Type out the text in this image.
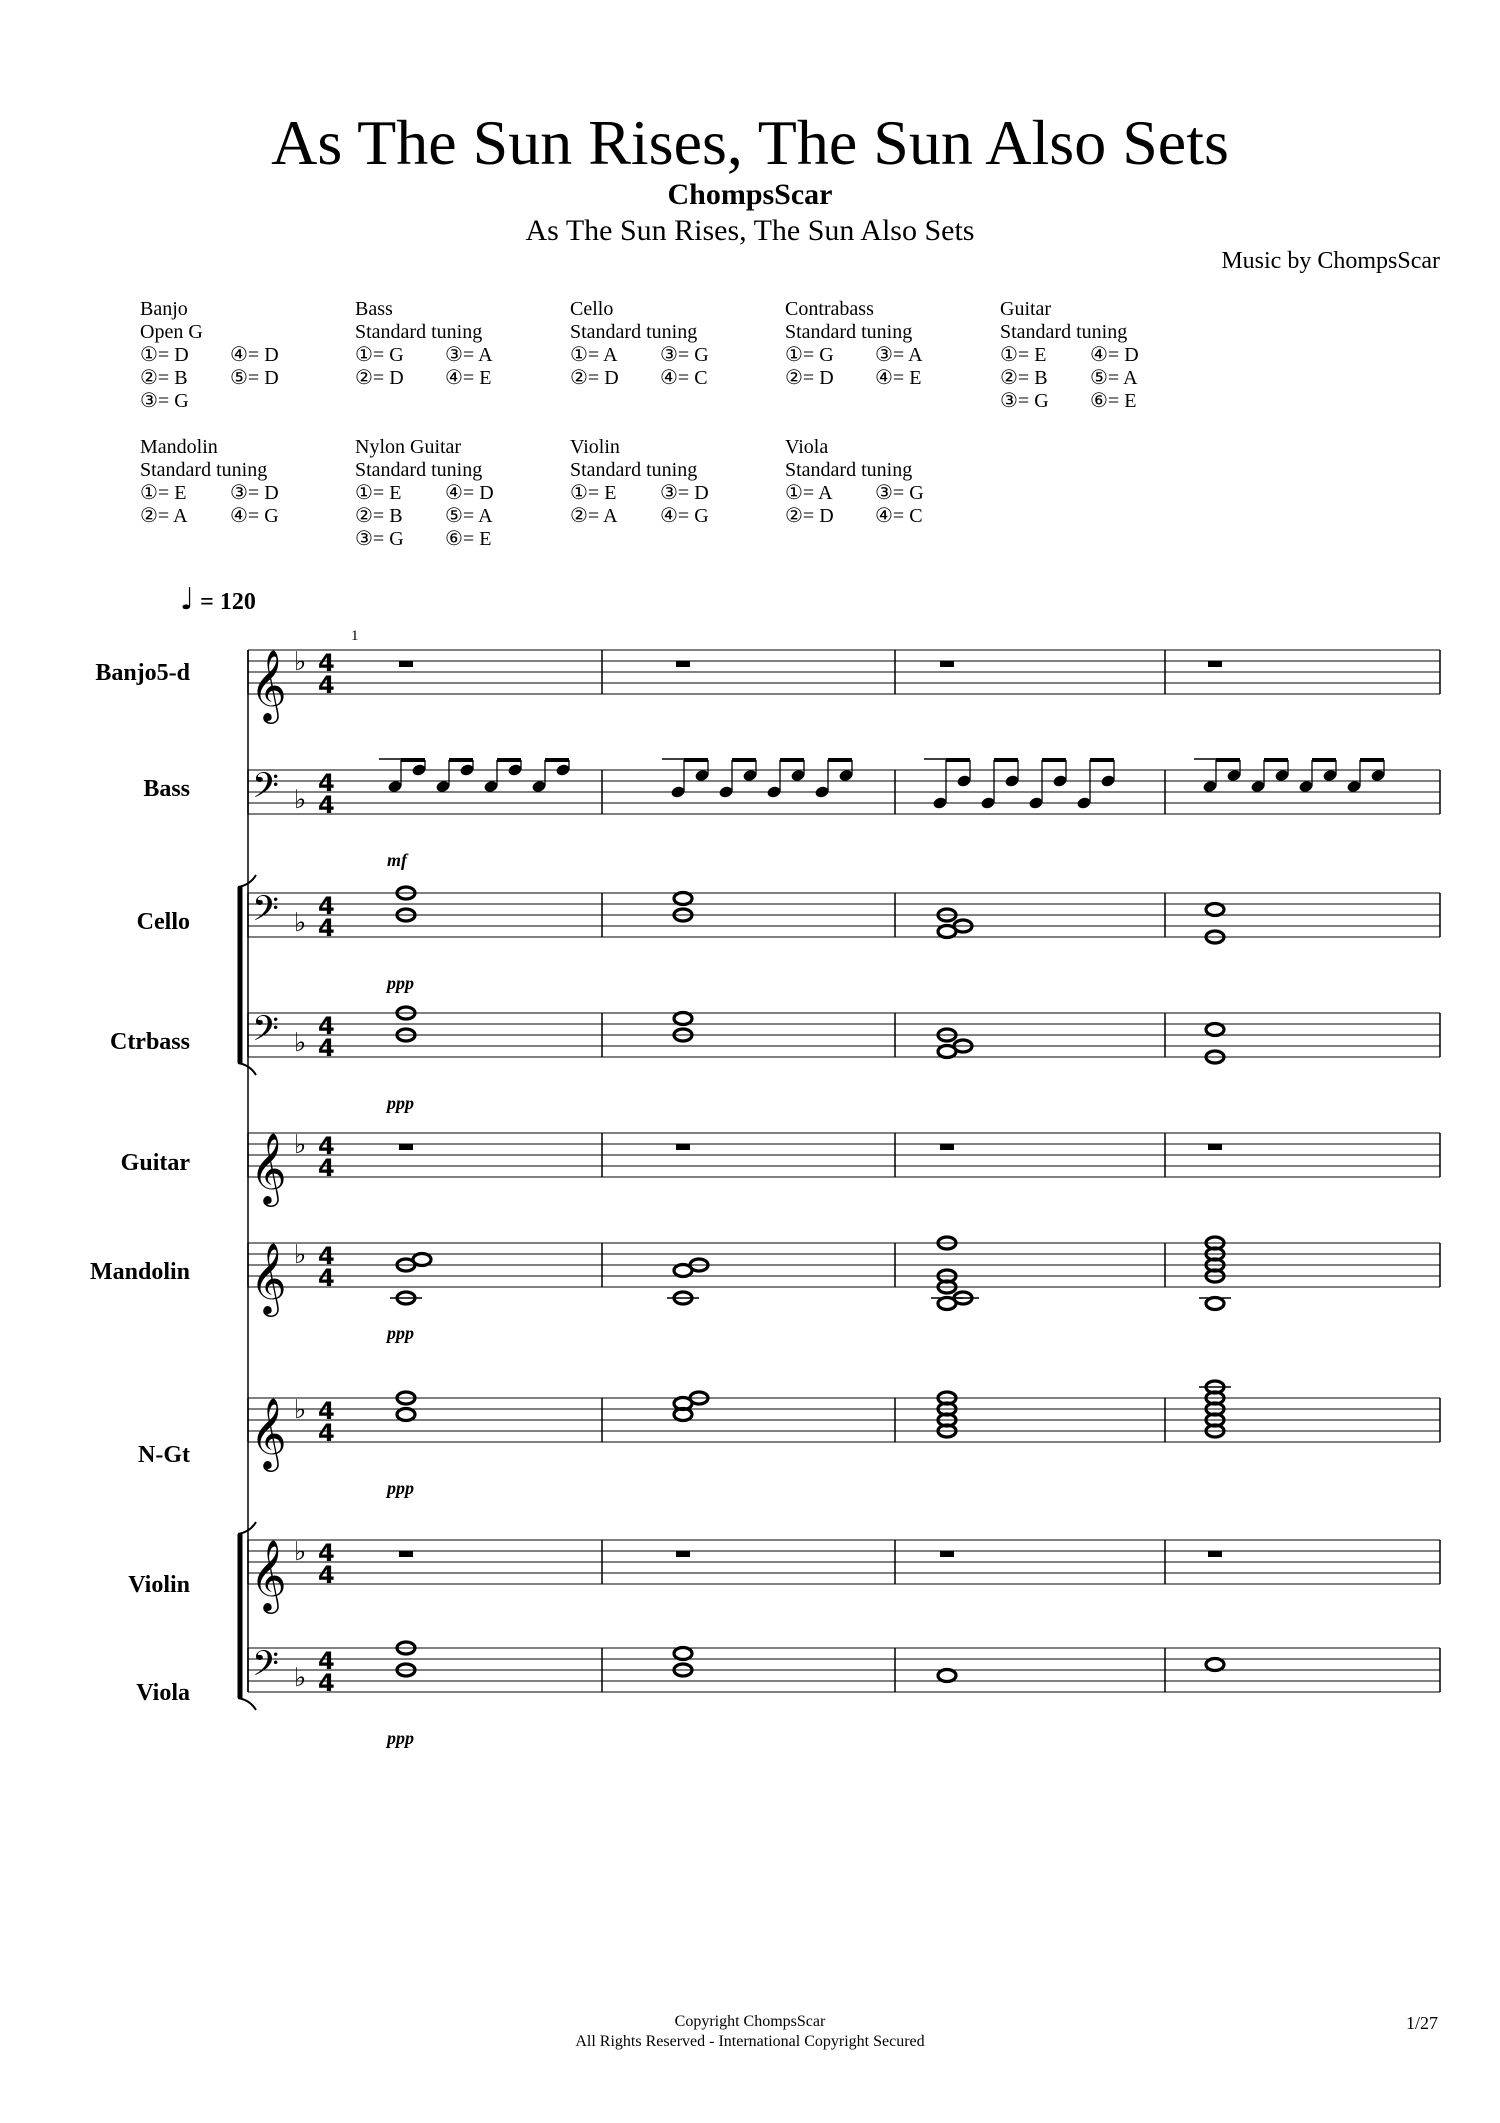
As The Sun Rises, The Sun Also Sets
ChompsScar
As The Sun Rises, The Sun Also Sets
Music by ChompsScar
Banjo
Open G
①= D	④= D
②= B	⑤= D
③= G
Bass
Standard tuning
①= G	③= A
②= D	④= E
Cello
Standard tuning
①= A	③= G
②= D	④= C
Contrabass
Standard tuning
①= G	③= A
②= D	④= E
Guitar
Standard tuning
①= E	④= D
②= B	⑤= A
③= G	⑥= E
Mandolin
Standard tuning
①= E	③= D
②= A	④= G
Nylon Guitar
Standard tuning
①= E	④= D
②= B	⑤= A
③= G	⑥= E
Violin
Standard tuning
①= E	③= D
②= A	④= G
Viola
Standard tuning
①= A	③= G
②= D	④= C
♩ = 120
1
Banjo5-d
Bass
Cello
Ctrbass
Guitar
Mandolin
N-Gt
Violin
Viola
𝄞 ♭ 4
4
𝄢 ♭
4
4
𝄢 ♭
4
4
𝄢 ♭
4
4
𝄞 ♭ 4
4
𝄞 ♭ 4
4
𝄞 ♭ 4
4
𝄞 ♭ 4
4
𝄢 ♭
4
4
Copyright ChompsScar
All Rights Reserved - International Copyright Secured
1/27
mf
ppp
ppp
ppp
ppp
ppp
